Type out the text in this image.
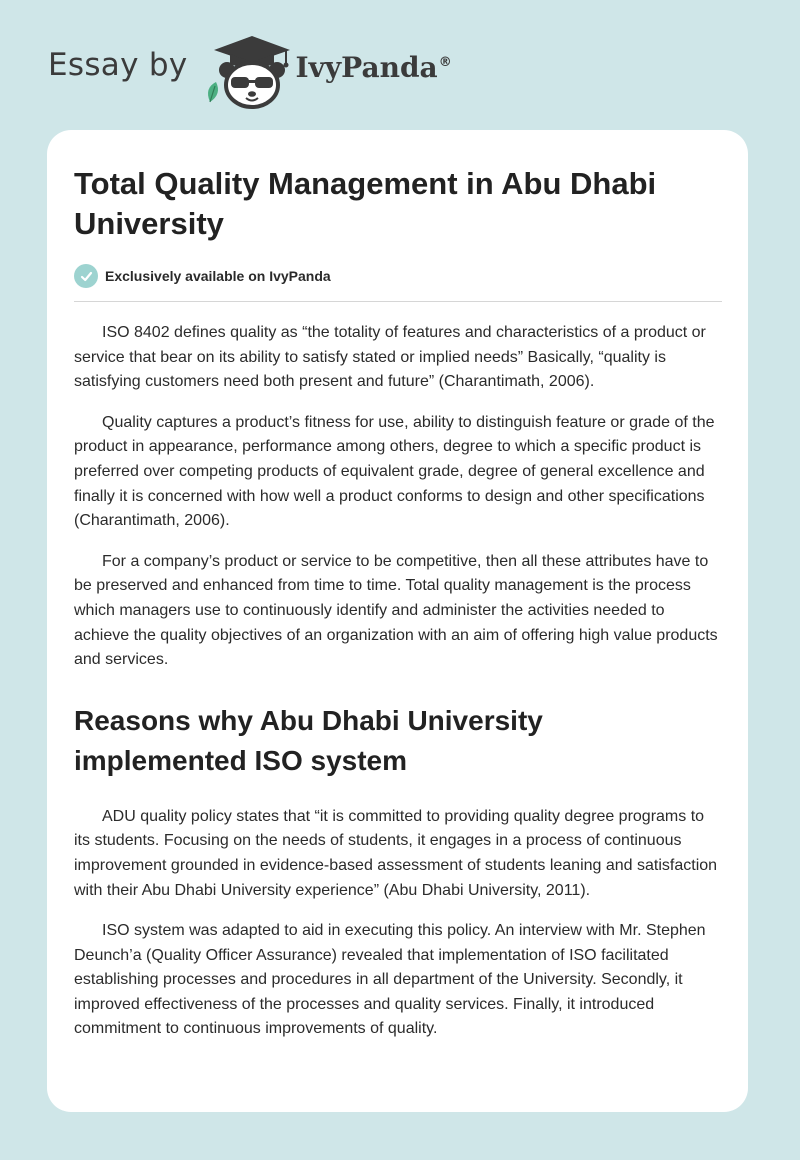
Essay by	IvyPanda®
Total Quality Management in Abu Dhabi University
Exclusively available on IvyPanda

ISO 8402 defines quality as “the totality of features and characteristics of a product or service that bear on its ability to satisfy stated or implied needs” Basically, “quality is satisfying customers need both present and future” (Charantimath, 2006).

Quality captures a product’s fitness for use, ability to distinguish feature or grade of the product in appearance, performance among others, degree to which a specific product is preferred over competing products of equivalent grade, degree of general excellence and finally it is concerned with how well a product conforms to design and other specifications (Charantimath, 2006).

For a company’s product or service to be competitive, then all these attributes have to be preserved and enhanced from time to time. Total quality management is the process which managers use to continuously identify and administer the activities needed to achieve the quality objectives of an organization with an aim of offering high value products and services.

Reasons why Abu Dhabi University implemented ISO system

ADU quality policy states that “it is committed to providing quality degree programs to its students. Focusing on the needs of students, it engages in a process of continuous improvement grounded in evidence-based assessment of students leaning and satisfaction with their Abu Dhabi University experience” (Abu Dhabi University, 2011).

ISO system was adapted to aid in executing this policy. An interview with Mr. Stephen Deunch’a (Quality Officer Assurance) revealed that implementation of ISO facilitated establishing processes and procedures in all department of the University. Secondly, it improved effectiveness of the processes and quality services. Finally, it introduced commitment to continuous improvements of quality.
